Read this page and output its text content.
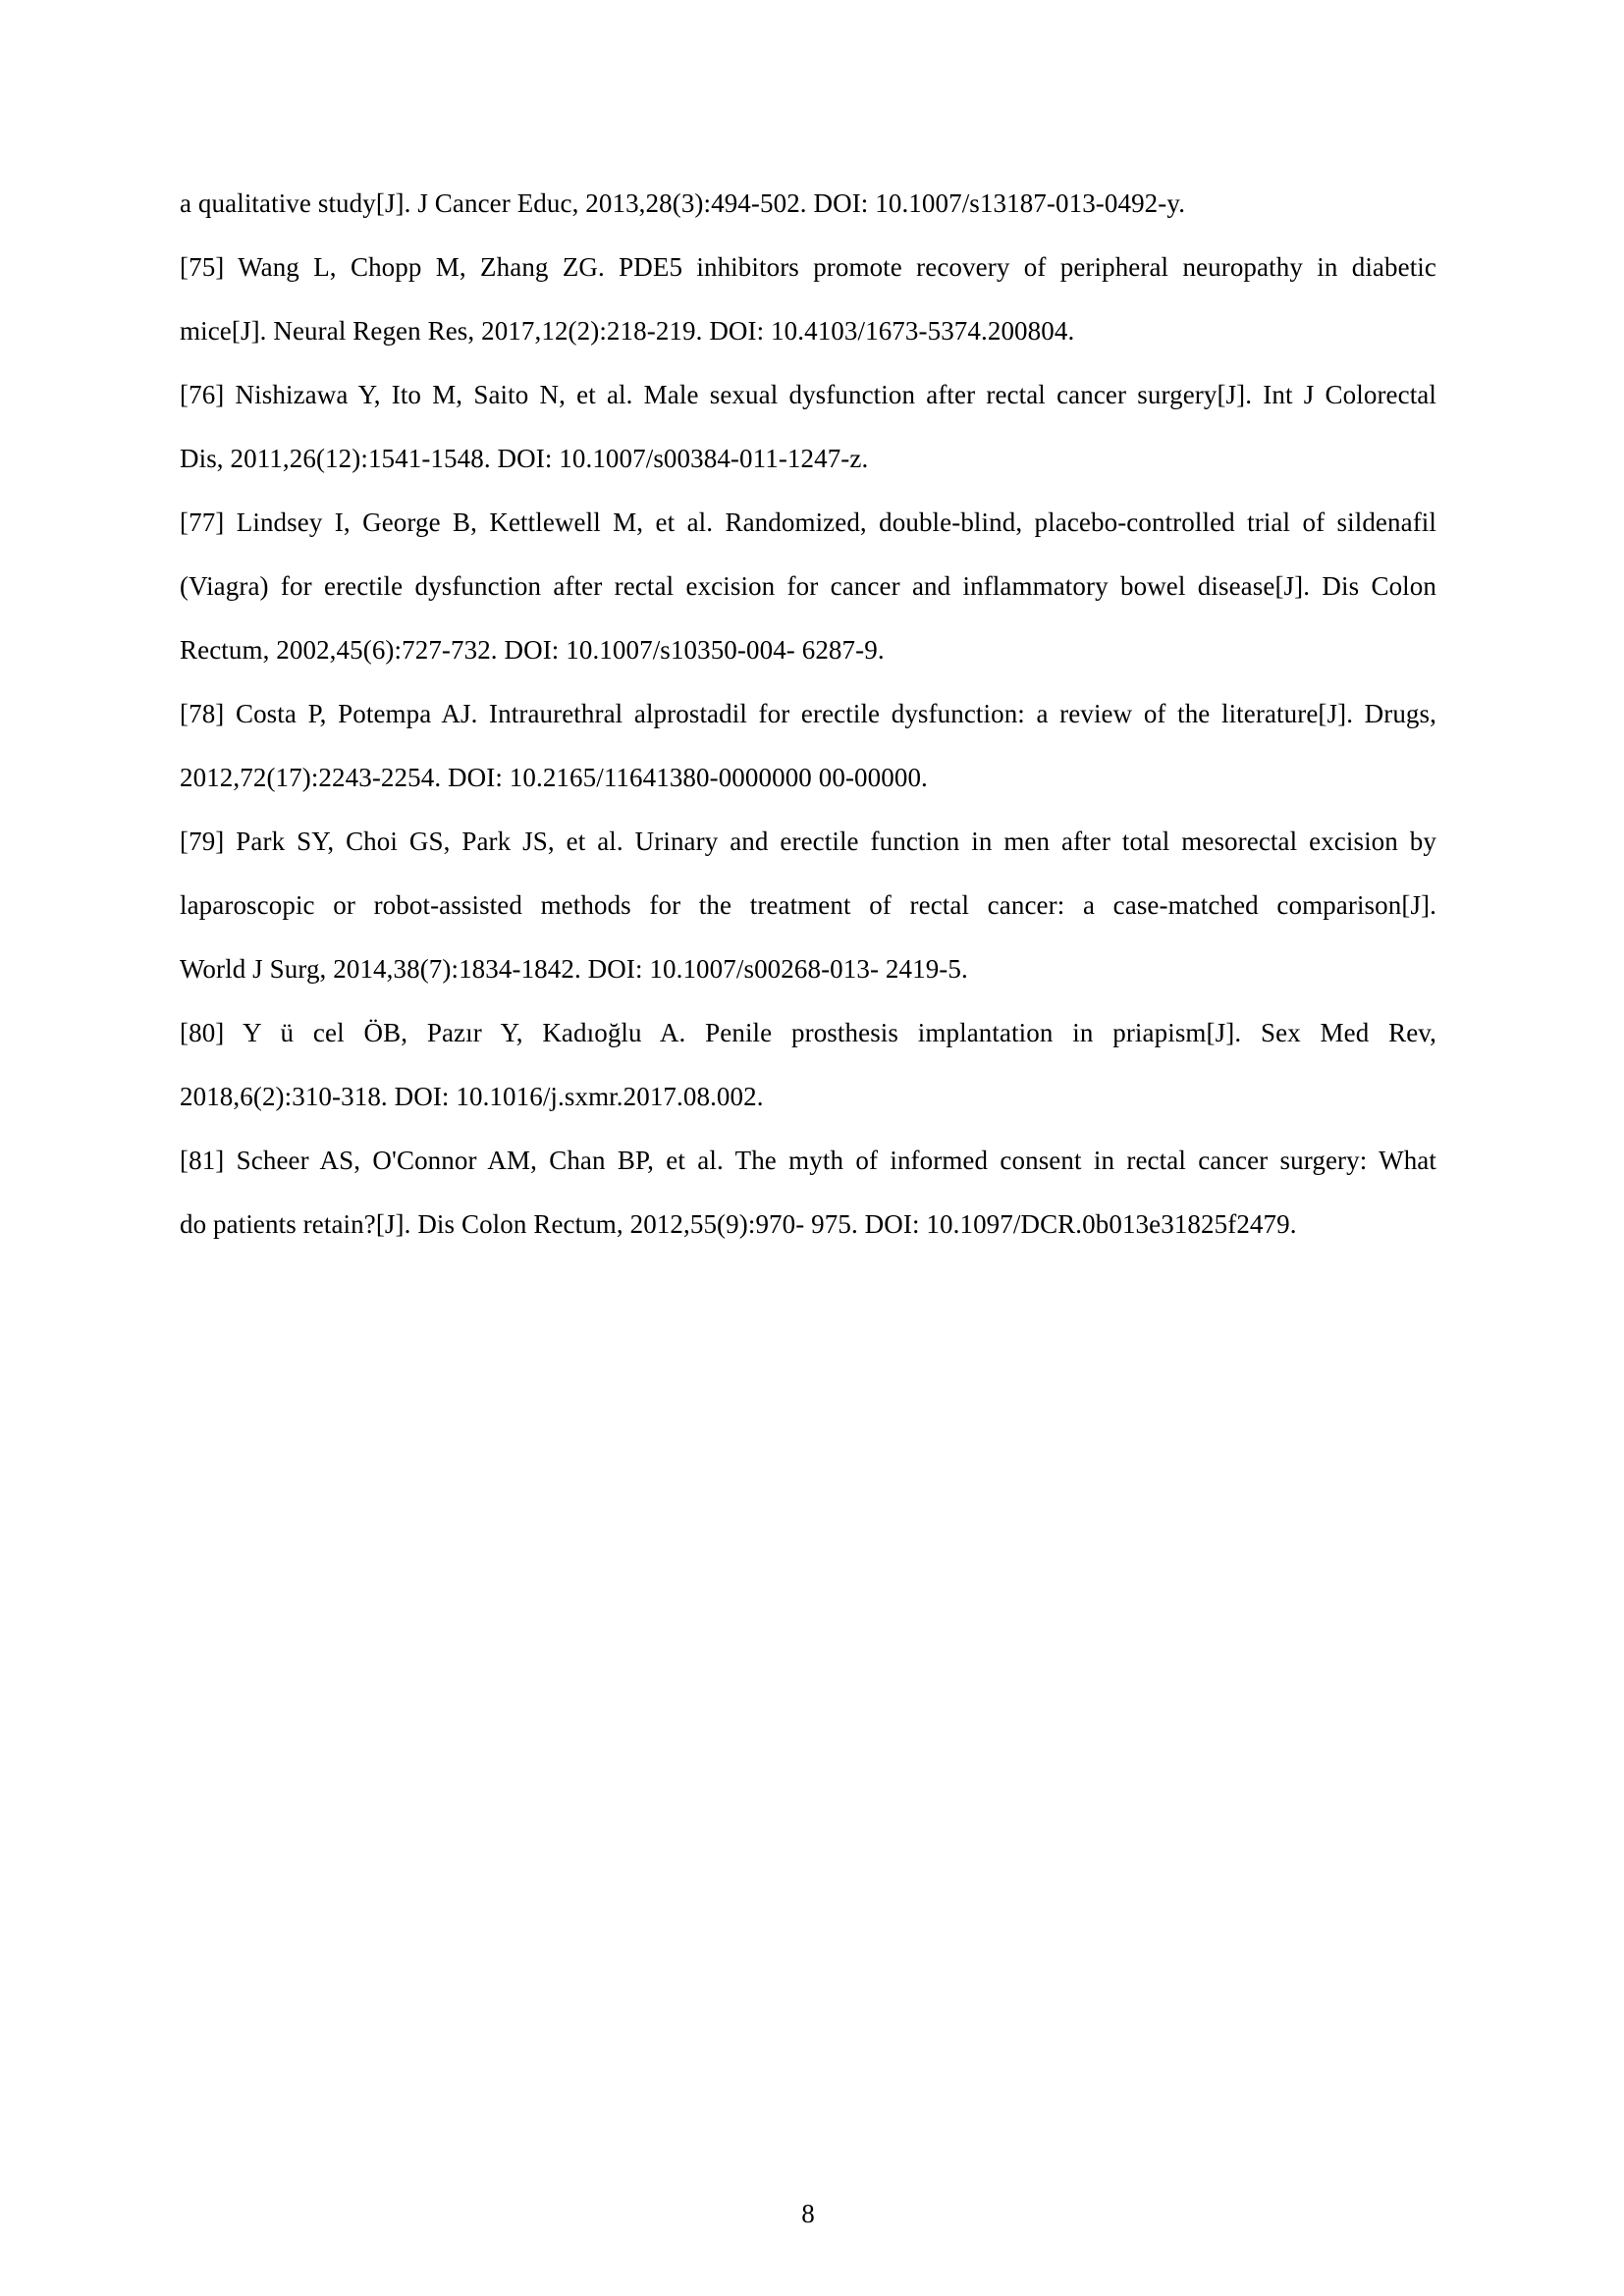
a qualitative study[J]. J Cancer Educ, 2013,28(3):494-502. DOI: 10.1007/s13187-013-0492-y.
[75] Wang L, Chopp M, Zhang ZG. PDE5 inhibitors promote recovery of peripheral neuropathy in diabetic
mice[J]. Neural Regen Res, 2017,12(2):218-219. DOI: 10.4103/1673-5374.200804.
[76] Nishizawa Y, Ito M, Saito N, et al. Male sexual dysfunction after rectal cancer surgery[J]. Int J Colorectal
Dis, 2011,26(12):1541-1548. DOI: 10.1007/s00384-011-1247-z.
[77] Lindsey I, George B, Kettlewell M, et al. Randomized, double-blind, placebo-controlled trial of sildenafil
(Viagra) for erectile dysfunction after rectal excision for cancer and inflammatory bowel disease[J]. Dis Colon
Rectum, 2002,45(6):727-732. DOI: 10.1007/s10350-004- 6287-9.
[78] Costa P, Potempa AJ. Intraurethral alprostadil for erectile dysfunction: a review of the literature[J]. Drugs,
2012,72(17):2243-2254. DOI: 10.2165/11641380-0000000 00-00000.
[79] Park SY, Choi GS, Park JS, et al. Urinary and erectile function in men after total mesorectal excision by
laparoscopic or robot-assisted methods for the treatment of rectal cancer: a case-matched comparison[J].
World J Surg, 2014,38(7):1834-1842. DOI: 10.1007/s00268-013- 2419-5.
[80] Y ü cel ÖB, Pazır Y, Kadıoğlu A. Penile prosthesis implantation in priapism[J]. Sex Med Rev,
2018,6(2):310-318. DOI: 10.1016/j.sxmr.2017.08.002.
[81] Scheer AS, O'Connor AM, Chan BP, et al. The myth of informed consent in rectal cancer surgery: What
do patients retain?[J]. Dis Colon Rectum, 2012,55(9):970- 975. DOI: 10.1097/DCR.0b013e31825f2479.
8
